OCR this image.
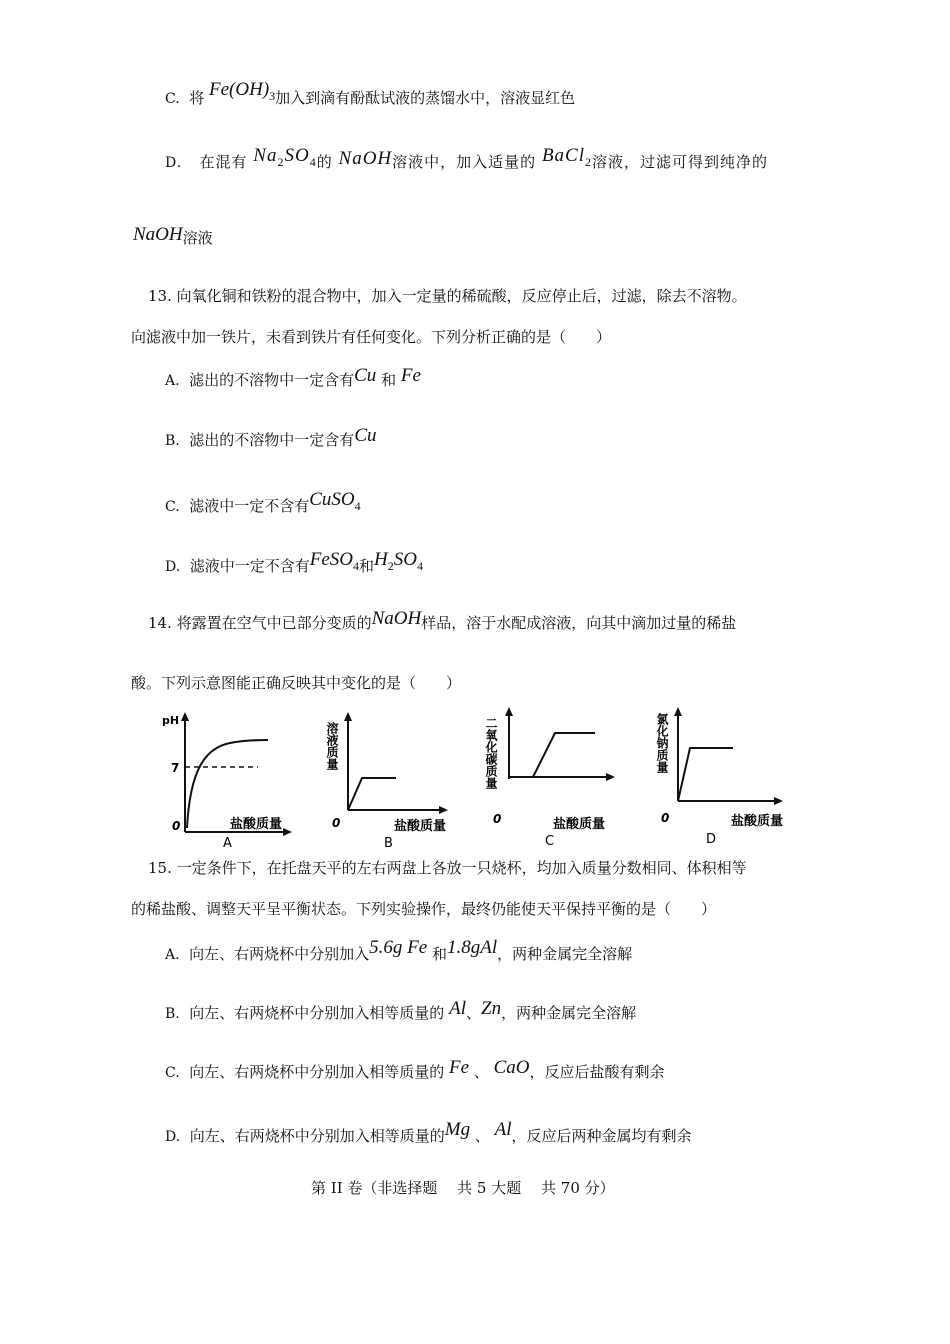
C. 将 $Fe(OH)_3$加入到滴有酚酞试液的蒸馏水中，溶液显红色
D. 在混有 $Na_2SO_4$的 NaOH溶液中，加入适量的 BaCl$_2$溶液，过滤可得到纯净的
NaOH溶液
13. 向氧化铜和铁粉的混合物中，加入一定量的稀硫酸，反应停止后，过滤，除去不溶物。
向滤液中加一铁片，未看到铁片有任何变化。下列分析正确的是（　　）
A. 滤出的不溶物中一定含有Cu 和 Fe
B. 滤出的不溶物中一定含有Cu
C. 滤液中一定不含有CuSO$_4$
D. 滤液中一定不含有FeSO$_4$和$H_2SO_4$
14. 将露置在空气中已部分变质的NaOH样品，溶于水配成溶液，向其中滴加过量的稀盐
酸。下列示意图能正确反映其中变化的是（　　）
pH
7
0	盐酸质量
A
溶液质量
0	盐酸质量
B
二氧化碳质量
0	盐酸质量
C
氯化钠质量
0	盐酸质量
D
15. 一定条件下，在托盘天平的左右两盘上各放一只烧杯，均加入质量分数相同、体积相等
的稀盐酸、调整天平呈平衡状态。下列实验操作，最终仍能使天平保持平衡的是（　　）
A. 向左、右两烧杯中分别加入5.6g Fe 和1.8gAl，两种金属完全溶解
B. 向左、右两烧杯中分别加入相等质量的 Al、Zn，两种金属完全溶解
C. 向左、右两烧杯中分别加入相等质量的 Fe 、 CaO，反应后盐酸有剩余
D. 向左、右两烧杯中分别加入相等质量的Mg 、 Al，反应后两种金属均有剩余
第 II 卷（非选择题　 共 5 大题　 共 70 分）
